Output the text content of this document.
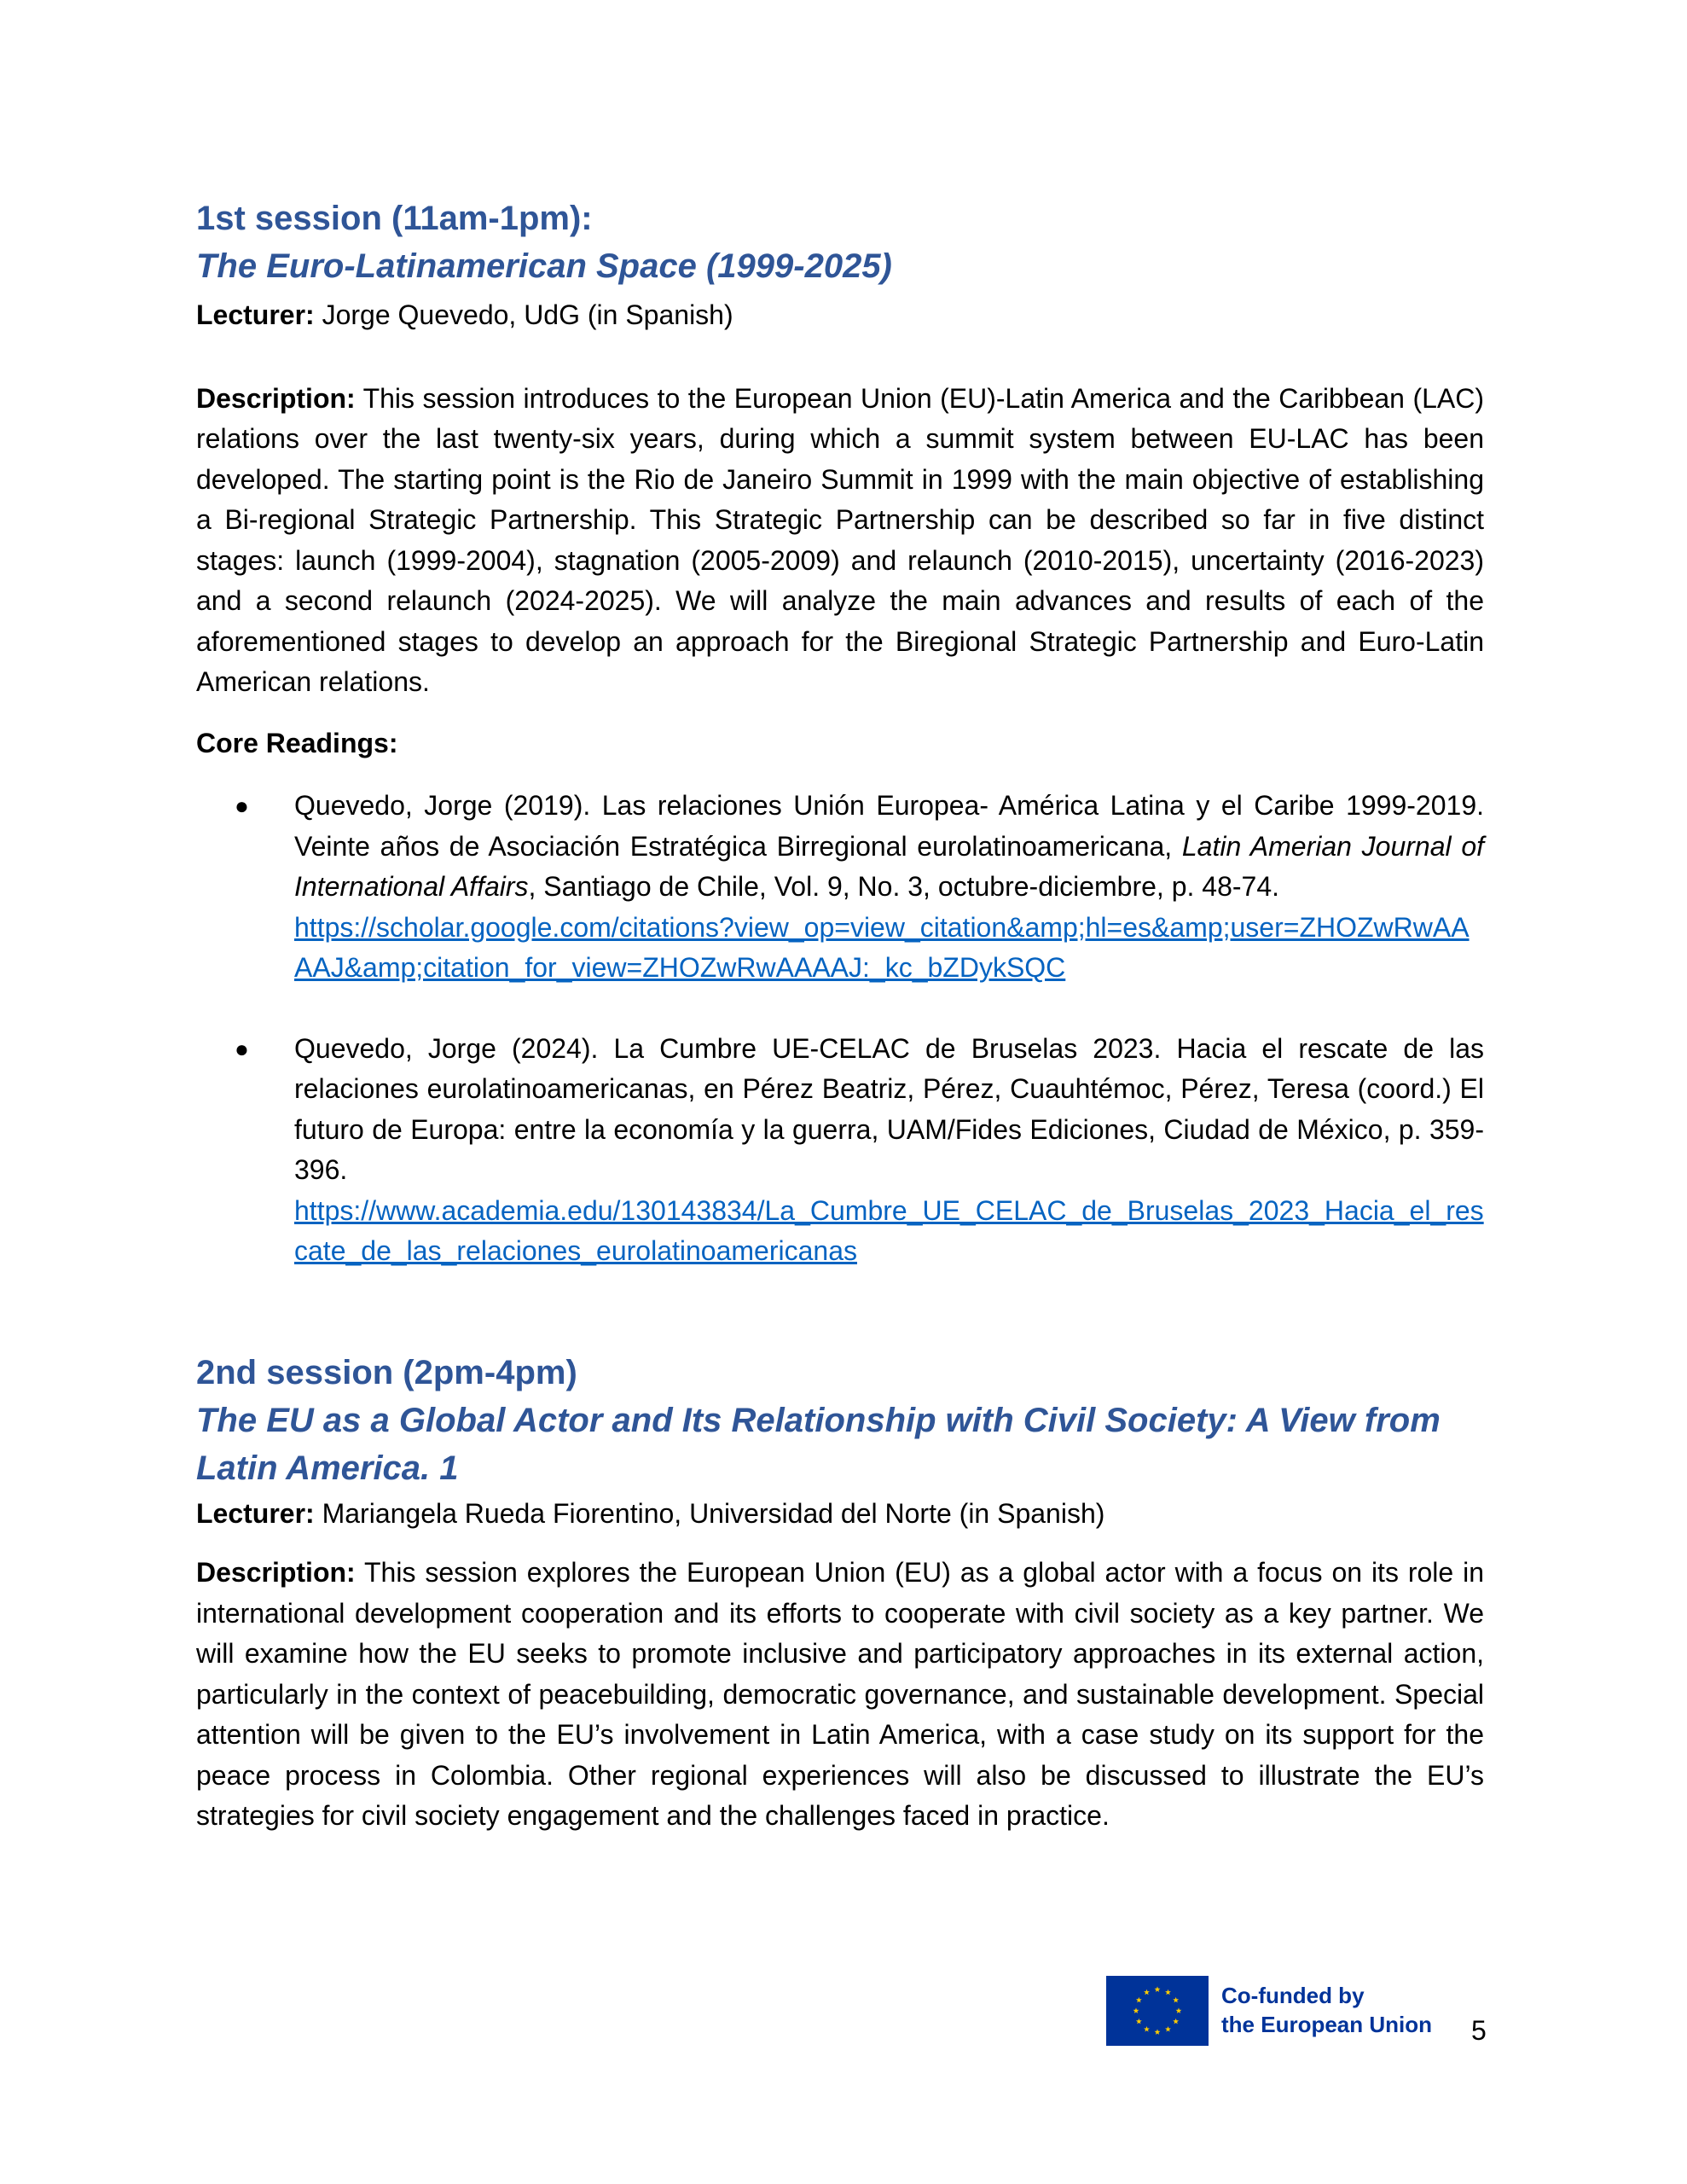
1st session (11am-1pm):
The Euro-Latinamerican Space (1999-2025)

Lecturer: Jorge Quevedo, UdG (in Spanish)

Description: This session introduces to the European Union (EU)-Latin America and the Caribbean (LAC) relations over the last twenty-six years, during which a summit system between EU-LAC has been developed. The starting point is the Rio de Janeiro Summit in 1999 with the main objective of establishing a Bi-regional Strategic Partnership. This Strategic Partnership can be described so far in five distinct stages: launch (1999-2004), stagnation (2005-2009) and relaunch (2010-2015), uncertainty (2016-2023) and a second relaunch (2024-2025). We will analyze the main advances and results of each of the aforementioned stages to develop an approach for the Biregional Strategic Partnership and Euro-Latin American relations.

Core Readings:

● Quevedo, Jorge (2019). Las relaciones Unión Europea- América Latina y el Caribe 1999-2019. Veinte años de Asociación Estratégica Birregional eurolatinoamericana, Latin Amerian Journal of International Affairs, Santiago de Chile, Vol. 9, No. 3, octubre-diciembre, p. 48-74.
https://scholar.google.com/citations?view_op=view_citation&amp;hl=es&amp;user=ZHOZwRwAAAAJ&amp;citation_for_view=ZHOZwRwAAAAJ:_kc_bZDykSQC
● Quevedo, Jorge (2024). La Cumbre UE-CELAC de Bruselas 2023. Hacia el rescate de las relaciones eurolatinoamericanas, en Pérez Beatriz, Pérez, Cuauhtémoc, Pérez, Teresa (coord.) El futuro de Europa: entre la economía y la guerra, UAM/Fides Ediciones, Ciudad de México, p. 359-396.
https://www.academia.edu/130143834/La_Cumbre_UE_CELAC_de_Bruselas_2023_Hacia_el_rescate_de_las_relaciones_eurolatinoamericanas
2nd session (2pm-4pm)
The EU as a Global Actor and Its Relationship with Civil Society: A View from Latin America. 1

Lecturer: Mariangela Rueda Fiorentino, Universidad del Norte (in Spanish)

Description: This session explores the European Union (EU) as a global actor with a focus on its role in international development cooperation and its efforts to cooperate with civil society as a key partner. We will examine how the EU seeks to promote inclusive and participatory approaches in its external action, particularly in the context of peacebuilding, democratic governance, and sustainable development. Special attention will be given to the EU’s involvement in Latin America, with a case study on its support for the peace process in Colombia. Other regional experiences will also be discussed to illustrate the EU’s strategies for civil society engagement and the challenges faced in practice.

Co-funded by
the European Union 5
